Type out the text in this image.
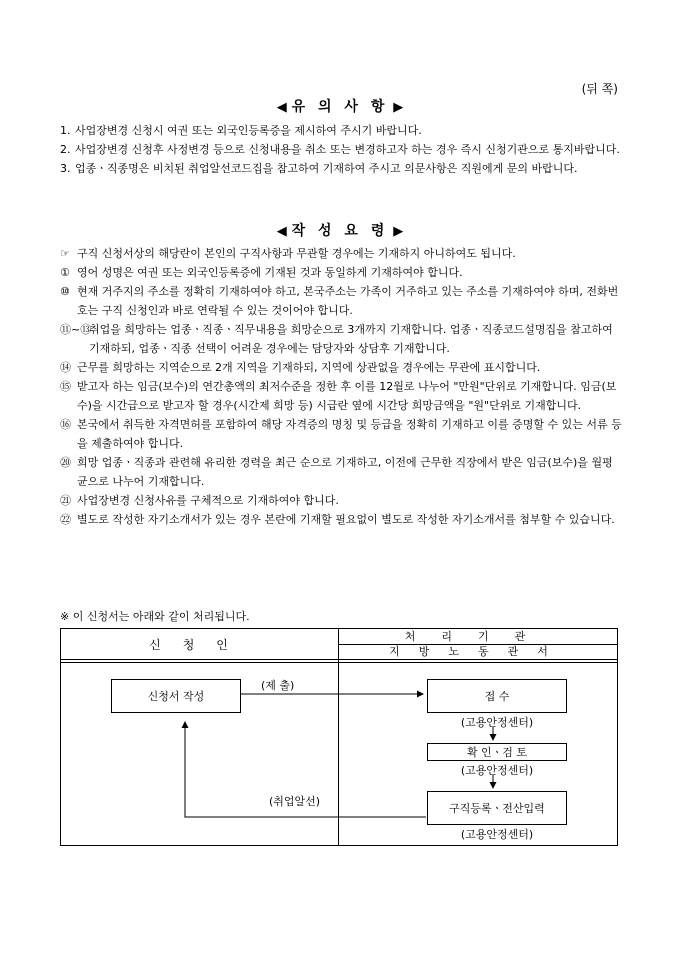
(뒤 쪽)
◀ 유 의 사 항 ▶

1. 사업장변경 신청시 여권 또는 외국인등록증을 제시하여 주시기 바랍니다.

2. 사업장변경 신청후 사정변경 등으로 신청내용을 취소 또는 변경하고자 하는 경우 즉시 신청기관으로 통지바랍니다.

3. 업종ㆍ직종명은 비치된 취업알선코드집을 참고하여 기재하여 주시고 의문사항은 직원에게 문의 바랍니다.

◀ 작 성 요 령 ▶

☞ 구직 신청서상의 해당란이 본인의 구직사항과 무관할 경우에는 기재하지 아니하여도 됩니다.

① 영어 성명은 여권 또는 외국인등록증에 기재된 것과 동일하게 기재하여야 합니다.

⑩ 현재 거주지의 주소를 정확히 기재하여야 하고, 본국주소는 가족이 거주하고 있는 주소를 기재하여야 하며, 전화번호는 구직 신청인과 바로 연락될 수 있는 것이어야 합니다.

⑪~⑬
취업을 희망하는 업종ㆍ직종ㆍ직무내용을 희망순으로 3개까지 기재합니다. 업종ㆍ직종코드설명집을 참고하여 기재하되, 업종ㆍ직종 선택이 어려운 경우에는 담당자와 상담후 기재합니다.

⑭ 근무를 희망하는 지역순으로 2개 지역을 기재하되, 지역에 상관없을 경우에는 무관에 표시합니다.

⑮ 받고자 하는 임금(보수)의 연간총액의 최저수준을 정한 후 이를 12월로 나누어 "만원"단위로 기재합니다. 임금(보수)을 시간급으로 받고자 할 경우(시간제 희망 등) 시급란 옆에 시간당 희망금액을 "원"단위로 기재합니다.

⑯ 본국에서 취득한 자격면허를 포함하여 해당 자격증의 명칭 및 등급을 정확히 기재하고 이를 증명할 수 있는 서류 등을 제출하여야 합니다.

⑳ 희망 업종ㆍ직종과 관련해 유리한 경력을 최근 순으로 기재하고, 이전에 근무한 직장에서 받은 임금(보수)을 월평균으로 나누어 기재합니다.

㉑ 사업장변경 신청사유를 구체적으로 기재하여야 합니다.

㉒ 별도로 작성한 자기소개서가 있는 경우 본란에 기재할 필요없이 별도로 작성한 자기소개서를 첨부할 수 있습니다.

※ 이 신청서는 아래와 같이 처리됩니다.
신청인
처리기관
지방노동관서
신청서 작성
(제 출)
접 수
(고용안정센터)
확 인ㆍ검 토
(고용안정센터)
구직등록ㆍ전산입력
(고용안정센터)
(취업알선)
